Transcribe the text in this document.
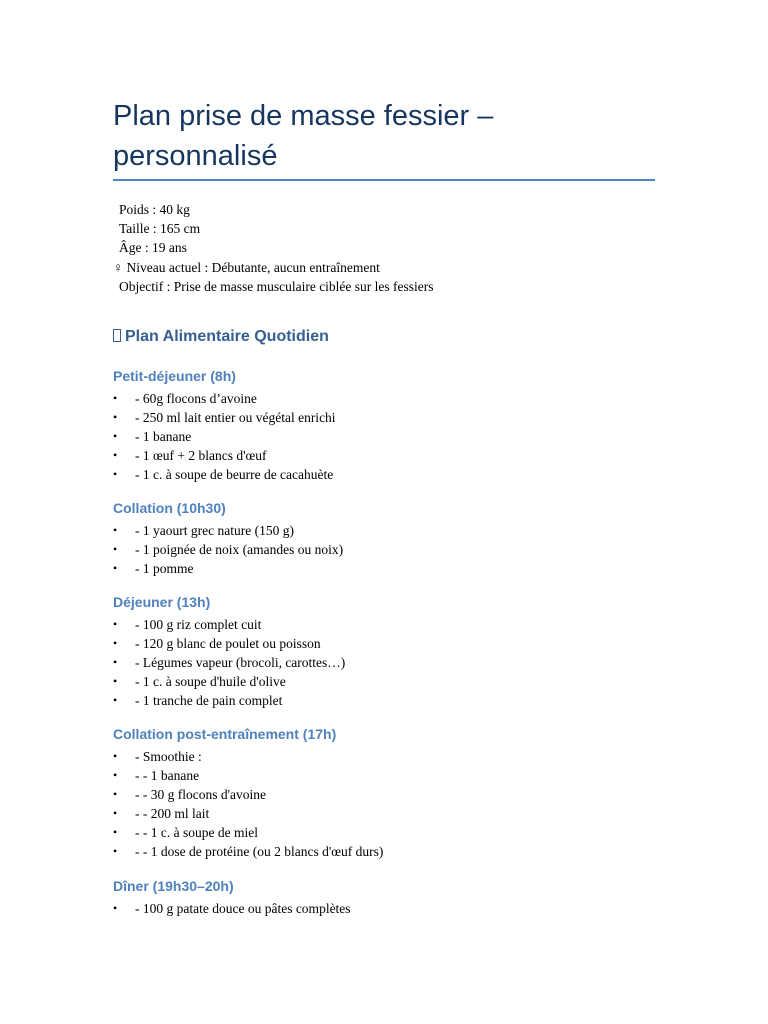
Plan prise de masse fessier – personnalisé
Poids : 40 kg
Taille : 165 cm
Âge : 19 ans
♀ Niveau actuel : Débutante, aucun entraînement
Objectif : Prise de masse musculaire ciblée sur les fessiers
Plan Alimentaire Quotidien
Petit-déjeuner (8h)
• - 60g flocons d’avoine
• - 250 ml lait entier ou végétal enrichi
• - 1 banane
• - 1 œuf + 2 blancs d'œuf
• - 1 c. à soupe de beurre de cacahuète
Collation (10h30)
• - 1 yaourt grec nature (150 g)
• - 1 poignée de noix (amandes ou noix)
• - 1 pomme
Déjeuner (13h)
• - 100 g riz complet cuit
• - 120 g blanc de poulet ou poisson
• - Légumes vapeur (brocoli, carottes…)
• - 1 c. à soupe d'huile d'olive
• - 1 tranche de pain complet
Collation post-entraînement (17h)
• - Smoothie :
• - - 1 banane
• - - 30 g flocons d'avoine
• - - 200 ml lait
• - - 1 c. à soupe de miel
• - - 1 dose de protéine (ou 2 blancs d'œuf durs)
Dîner (19h30–20h)
• - 100 g patate douce ou pâtes complètes
